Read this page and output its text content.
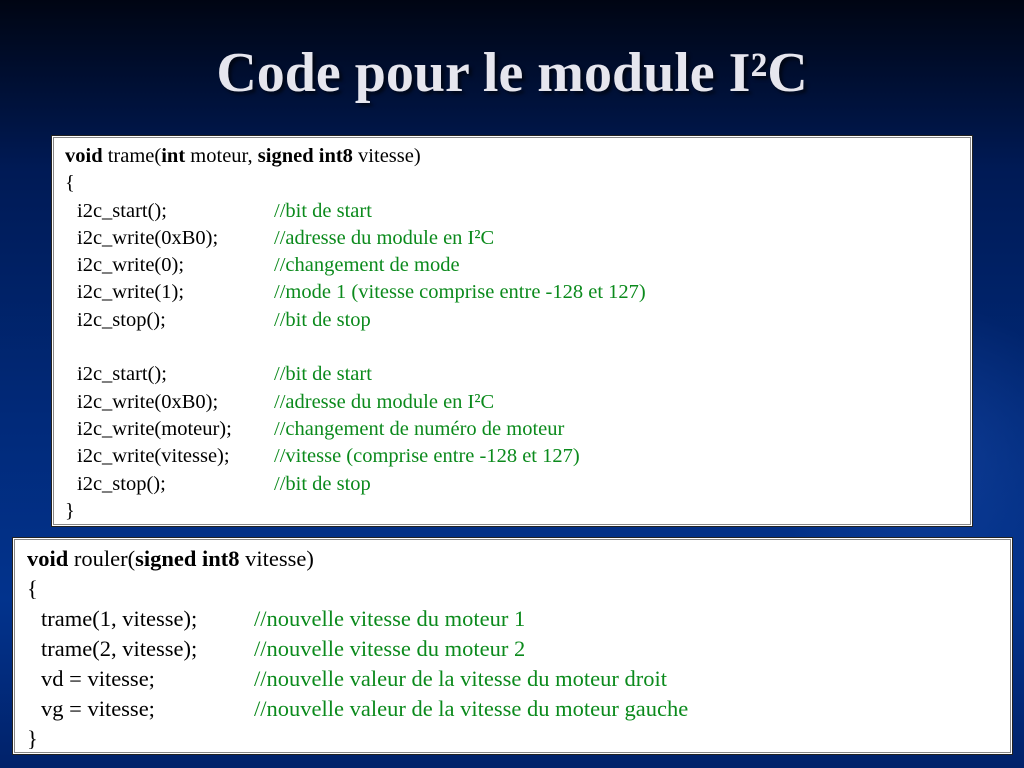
Code pour le module I²C
void trame(int moteur, signed int8 vitesse)
{
i2c_start();	//bit de start
i2c_write(0xB0);	//adresse du module en I²C
i2c_write(0);	//changement de mode
i2c_write(1);	//mode 1 (vitesse comprise entre -128 et 127)
i2c_stop();	//bit de stop
i2c_start();	//bit de start
i2c_write(0xB0);	//adresse du module en I²C
i2c_write(moteur); //changement de numéro de moteur
i2c_write(vitesse); //vitesse (comprise entre -128 et 127)
i2c_stop();	//bit de stop
}
void rouler(signed int8 vitesse)
{
trame(1, vitesse);	//nouvelle vitesse du moteur 1
trame(2, vitesse);	//nouvelle vitesse du moteur 2
vd = vitesse;	//nouvelle valeur de la vitesse du moteur droit
vg = vitesse;	//nouvelle valeur de la vitesse du moteur gauche
}
